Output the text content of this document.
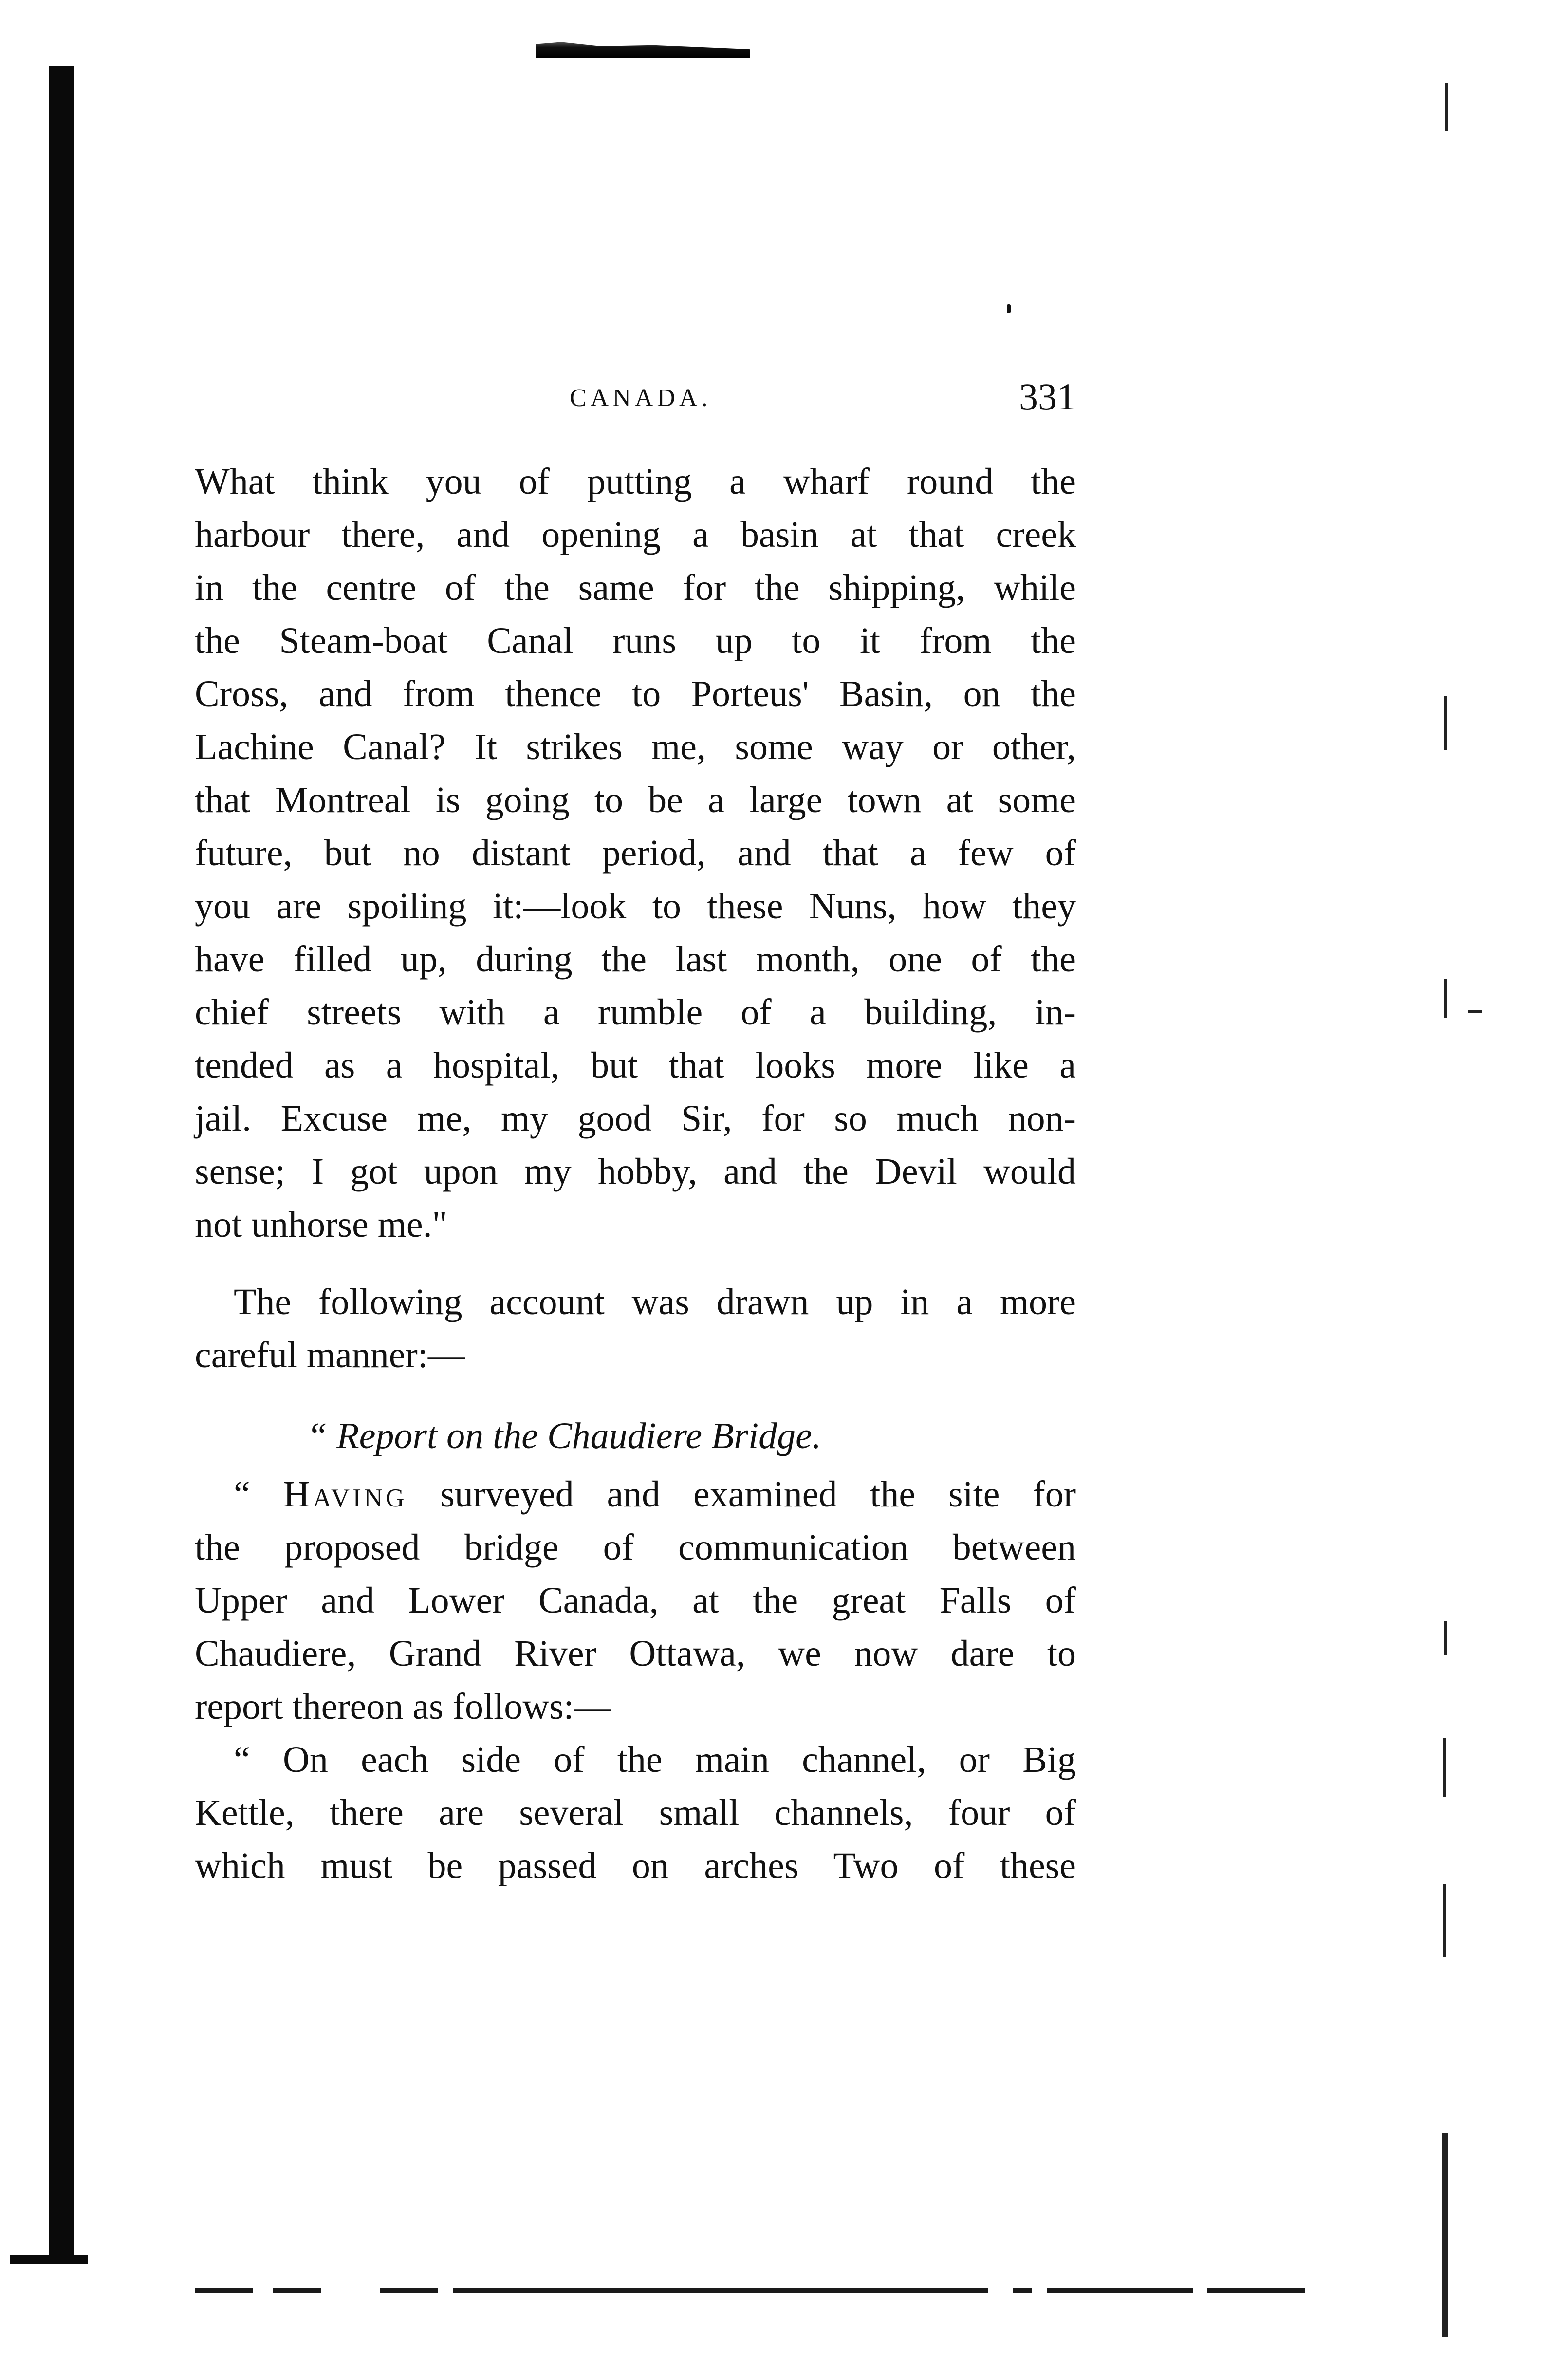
CANADA.	331
What think you of putting a wharf round the
harbour there, and opening a basin at that creek
in the centre of the same for the shipping, while
the Steam-boat Canal runs up to it from the
Cross, and from thence to Porteus' Basin, on the
Lachine Canal? It strikes me, some way or other,
that Montreal is going to be a large town at some
future, but no distant period, and that a few of
you are spoiling it:—look to these Nuns, how they
have filled up, during the last month, one of the
chief streets with a rumble of a building, in-
tended as a hospital, but that looks more like a
jail. Excuse me, my good Sir, for so much non-
sense; I got upon my hobby, and the Devil would
not unhorse me."
The following account was drawn up in a more
careful manner:—
“ Report on the Chaudiere Bridge.
“ Having surveyed and examined the site for
the proposed bridge of communication between
Upper and Lower Canada, at the great Falls of
Chaudiere, Grand River Ottawa, we now dare to
report thereon as follows:—
“ On each side of the main channel, or Big
Kettle, there are several small channels, four of
which must be passed on arches Two of these
